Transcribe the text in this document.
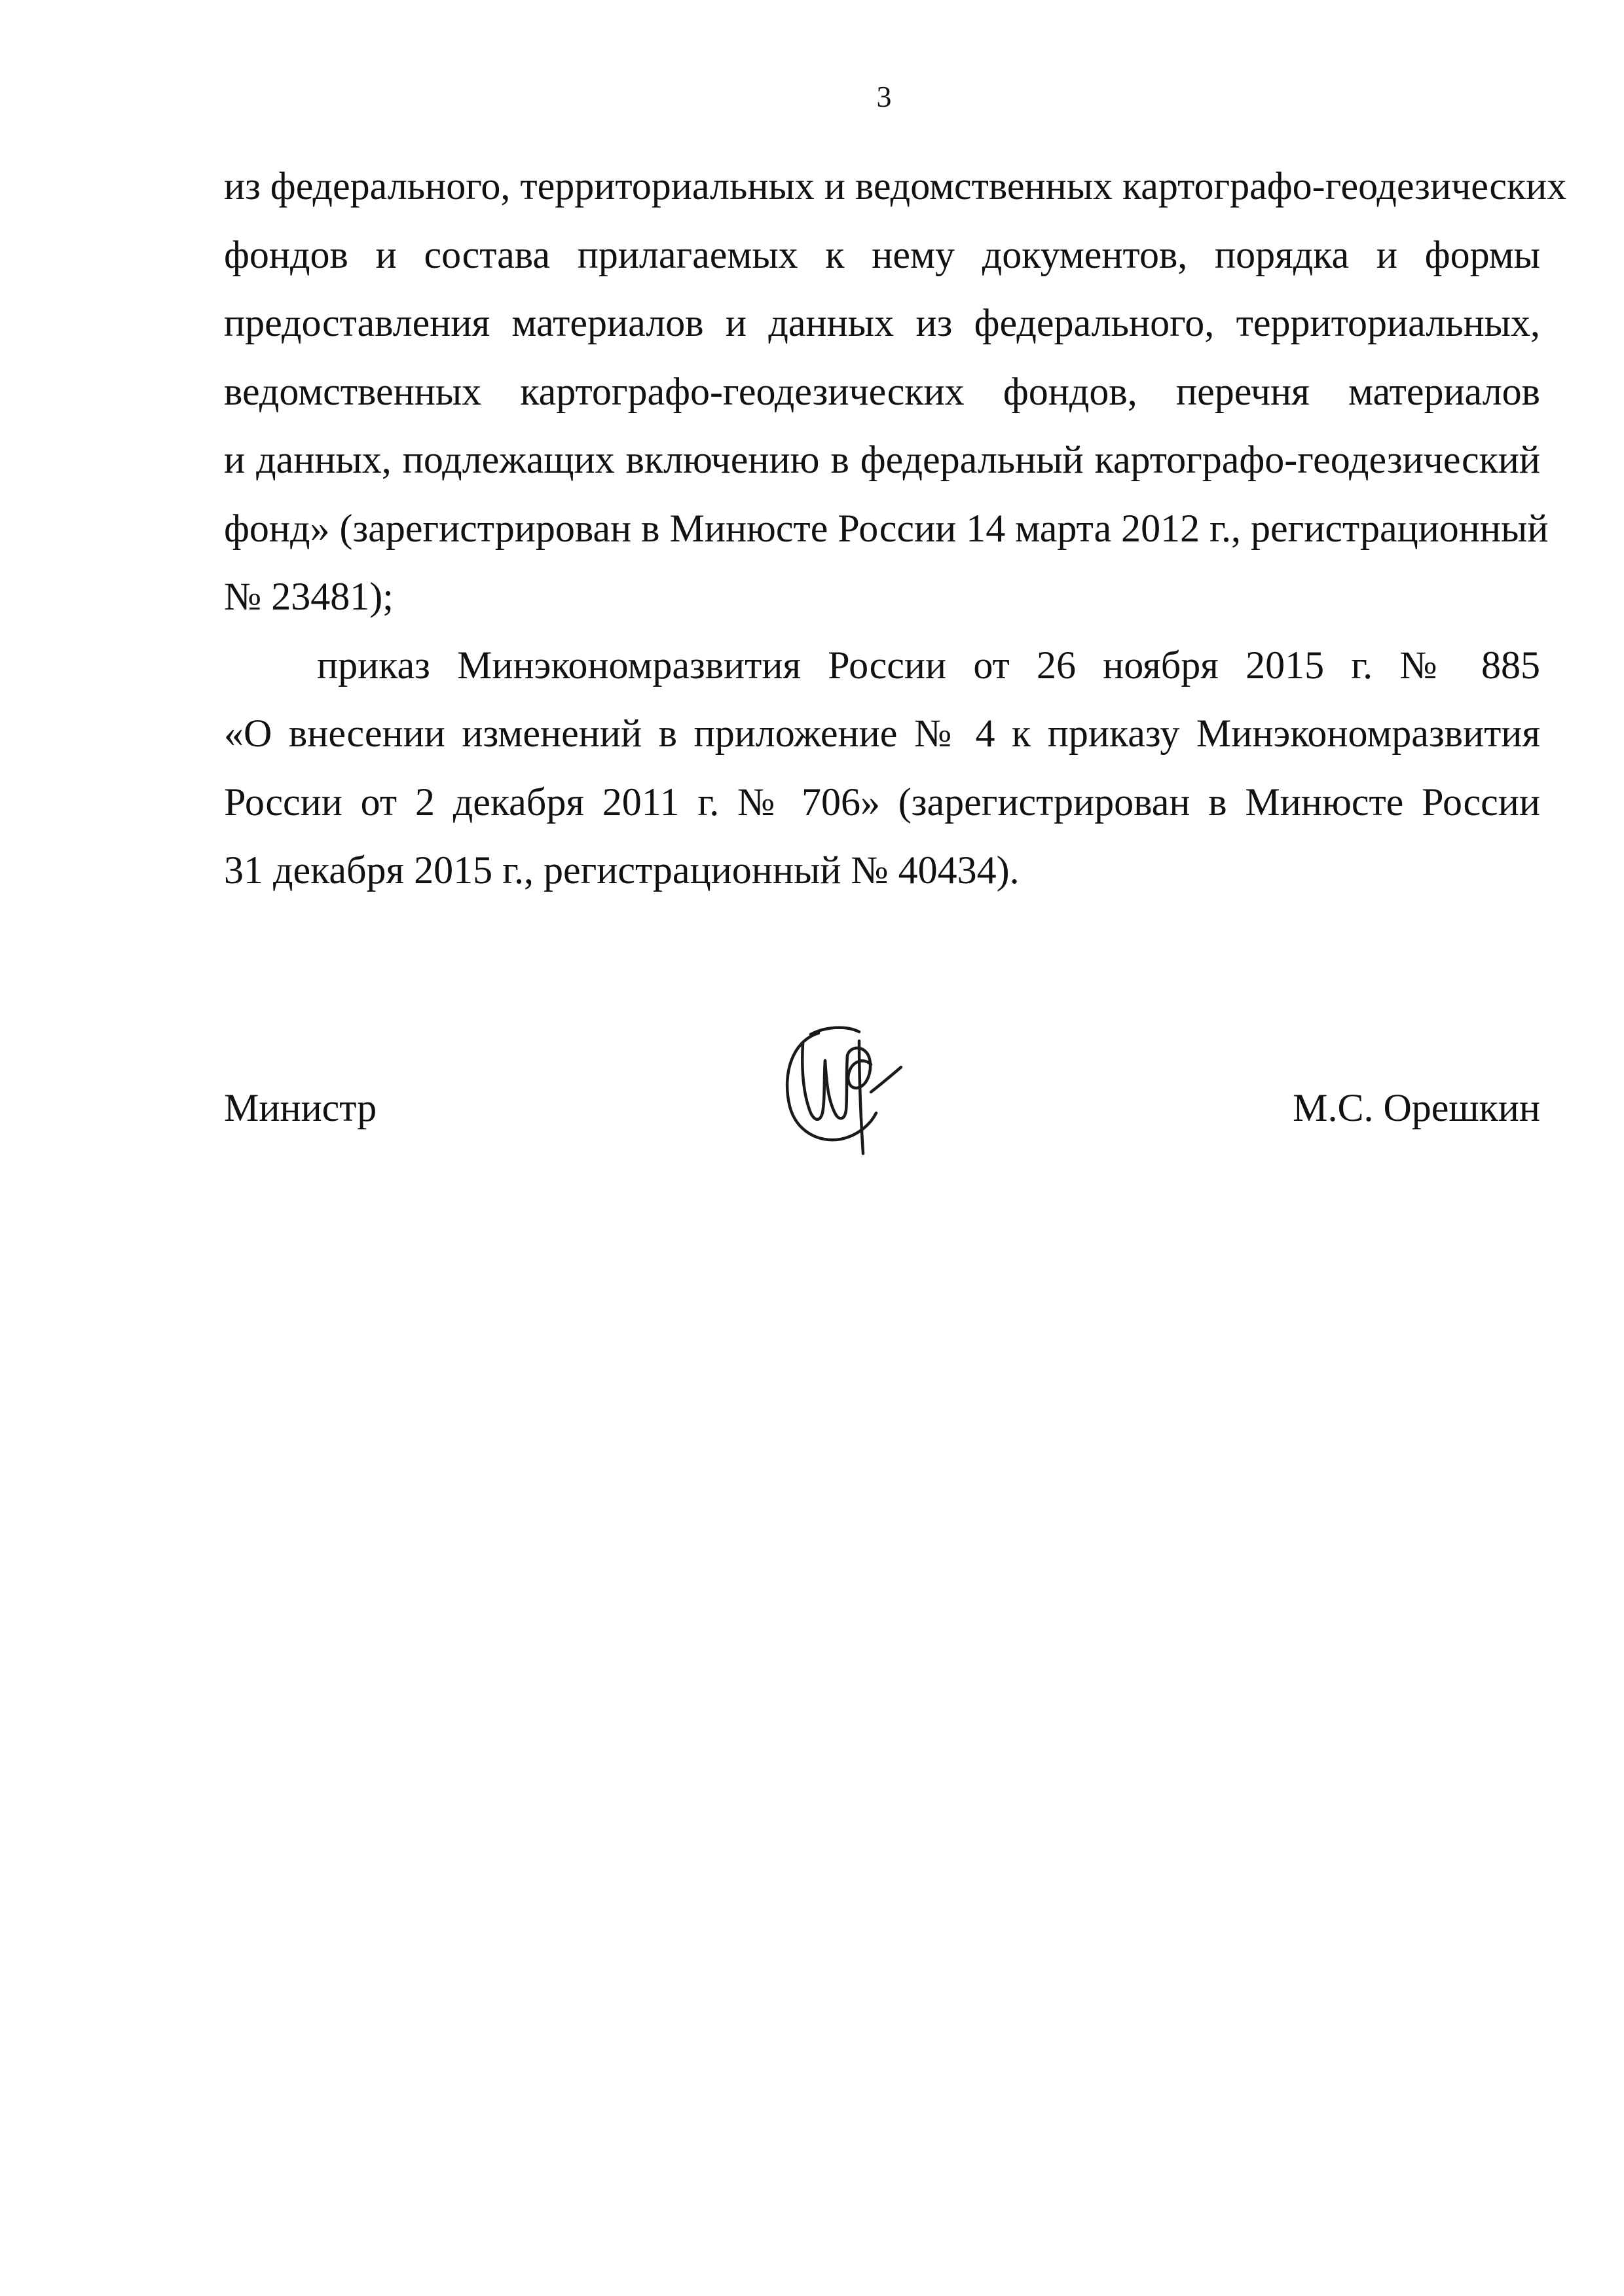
3

из федерального, территориальных и ведомственных картографо-геодезических
фондов и состава прилагаемых к нему документов, порядка и формы
предоставления материалов и данных из федерального, территориальных,
ведомственных картографо-геодезических фондов, перечня материалов
и данных, подлежащих включению в федеральный картографо-геодезический
фонд» (зарегистрирован в Минюсте России 14 марта 2012 г., регистрационный
№ 23481);

приказ Минэкономразвития России от 26 ноября 2015 г. № 885
«О внесении изменений в приложение № 4 к приказу Минэкономразвития
России от 2 декабря 2011 г. № 706» (зарегистрирован в Минюсте России
31 декабря 2015 г., регистрационный № 40434).

Министр	М.С. Орешкин
